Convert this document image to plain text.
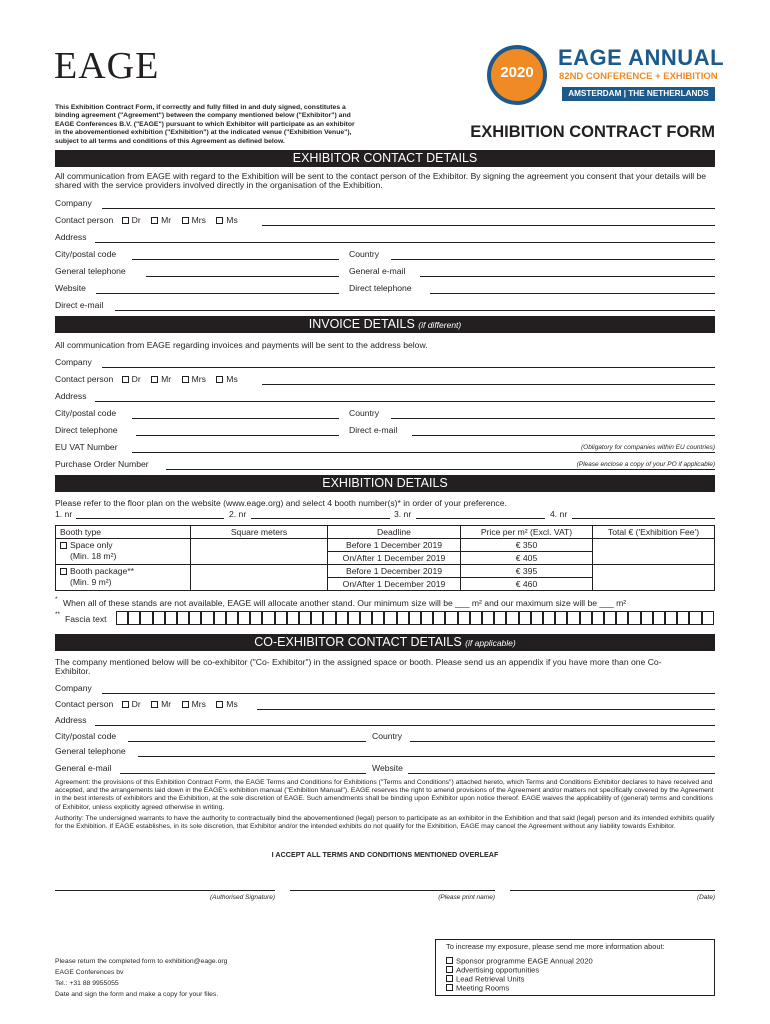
EAGE
This Exhibition Contract Form, if correctly and fully filled in and duly signed, constitutes a binding agreement ("Agreement") between the company mentioned below ("Exhibitor") and EAGE Conferences B.V. ("EAGE") pursuant to which Exhibitor will participate as an exhibitor in the abovementioned exhibition ("Exhibition") at the indicated venue ("Exhibition Venue"), subject to all terms and conditions of this Agreement as defined below.
2020
EAGE ANNUAL
82ND CONFERENCE + EXHIBITION
AMSTERDAM | THE NETHERLANDS
EXHIBITION CONTRACT FORM
EXHIBITOR CONTACT DETAILS
All communication from EAGE with regard to the Exhibition will be sent to the contact person of the Exhibitor. By signing the agreement you consent that your details will be shared with the service providers involved directly in the organisation of the Exhibition.
Company
Contact person Dr Mr Mrs Ms
Address
City/postal code	Country
General telephone	General e-mail
Website	Direct telephone
Direct e-mail
INVOICE DETAILS (if different)
All communication from EAGE regarding invoices and payments will be sent to the address below.
Company
Contact person Dr Mr Mrs Ms
Address
City/postal code	Country
Direct telephone	Direct e-mail
EU VAT Number	(Obligatory for companies within EU countries)
Purchase Order Number	(Please enclose a copy of your PO if applicable)
EXHIBITION DETAILS
Please refer to the floor plan on the website (www.eage.org) and select 4 booth number(s)* in order of your preference.
1. nr	2. nr	3. nr	4. nr
Booth type	Square meters	Deadline	Price per m² (Excl. VAT)	Total € ('Exhibition Fee')
Space only
(Min. 18 m²)		Before 1 December 2019	€ 350	
		On/After 1 December 2019	€ 405	
Booth package**
(Min. 9 m²)		Before 1 December 2019	€ 395	
		On/After 1 December 2019	€ 460	
* When all of these stands are not available, EAGE will allocate another stand. Our minimum size will be ___ m² and our maximum size will be ___ m²
** Fascia text
CO-EXHIBITOR CONTACT DETAILS (if applicable)
The company mentioned below will be co-exhibitor ("Co- Exhibitor") in the assigned space or booth. Please send us an appendix if you have more than one Co-Exhibitor.
Company
Contact person Dr Mr Mrs Ms
Address
City/postal code	Country
General telephone
General e-mail	Website
Agreement: the provisions of this Exhibition Contract Form, the EAGE Terms and Conditions for Exhibitions ("Terms and Conditions") attached hereto, which Terms and Conditions Exhibitor declares to have received and accepted, and the arrangements laid down in the EAGE's exhibition manual ("Exhibition Manual"). EAGE reserves the right to amend provisions of the Agreement and/or matters not specifically covered by the Agreement in the best interests of exhibitors and the Exhibition, at the sole discretion of EAGE. Such amendments shall be binding upon Exhibitor upon notice thereof. EAGE waives the applicability of (general) terms and conditions of Exhibitor, unless explicitly agreed otherwise in writing.
Authority: The undersigned warrants to have the authority to contractually bind the abovementioned (legal) person to participate as an exhibitor in the Exhibition and that said (legal) person and its intended exhibits qualify for the Exhibition. If EAGE establishes, in its sole discretion, that Exhibitor and/or the intended exhibits do not qualify for the Exhibition, EAGE may cancel the Agreement without any liability towards Exhibitor.
I ACCEPT ALL TERMS AND CONDITIONS MENTIONED OVERLEAF
(Authorised Signature)	(Please print name)	(Date)
Please return the completed form to exhibition@eage.org
EAGE Conferences bv
Tel.: +31 88 9955055
Date and sign the form and make a copy for your files.
To increase my exposure, please send me more information about:
Sponsor programme EAGE Annual 2020
Advertising opportunities
Lead Retrieval Units
Meeting Rooms
